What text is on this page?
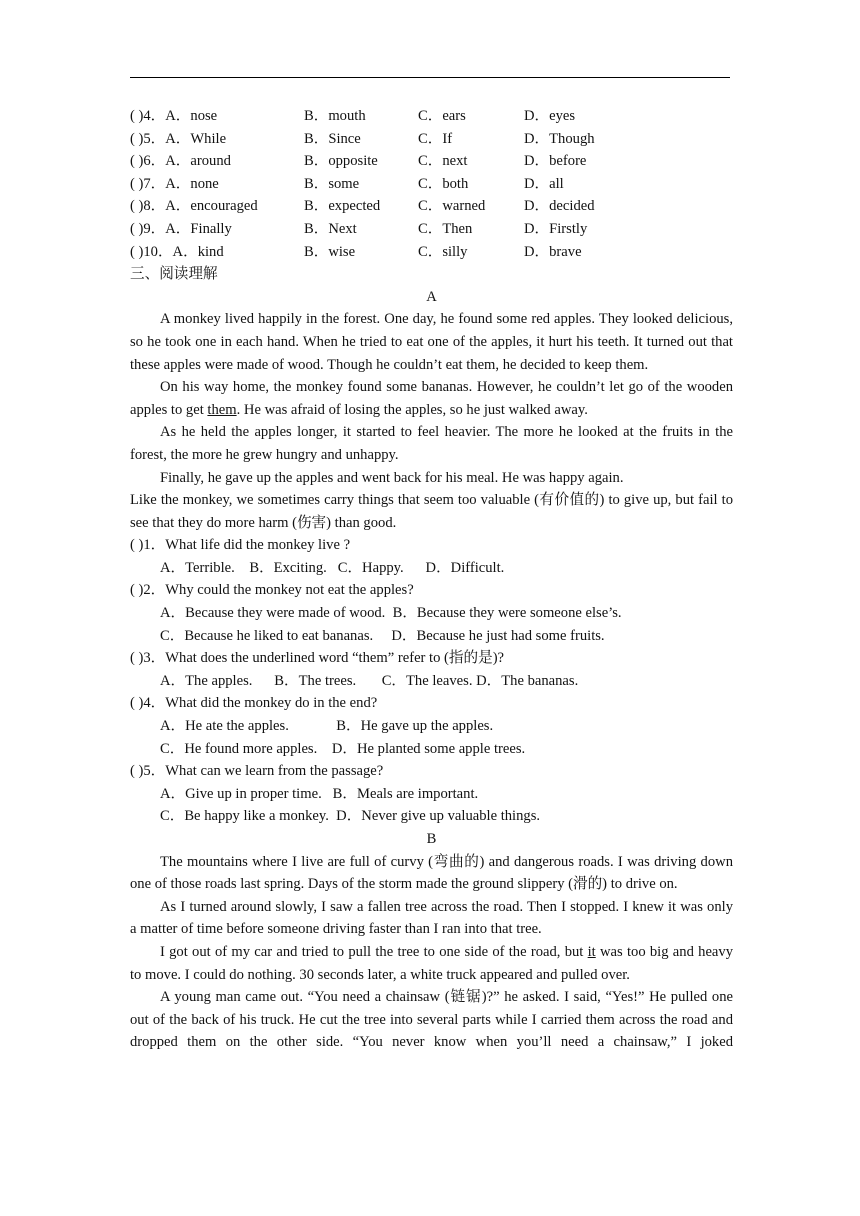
( )4．A．nose	B．mouth	C．ears	D．eyes
( )5．A．While	B．Since	C．If	D．Though
( )6．A．around	B．opposite	C．next	D．before
( )7．A．none	B．some	C．both	D．all
( )8．A．encouraged	B．expected	C．warned	D．decided
( )9．A．Finally	B．Next	C．Then	D．Firstly
( )10．A．kind	B．wise	C．silly	D．brave
三、阅读理解
A

A monkey lived happily in the forest. One day, he found some red apples. They looked delicious, so he took one in each hand. When he tried to eat one of the apples, it hurt his teeth. It turned out that these apples were made of wood. Though he couldn’t eat them, he decided to keep them.

On his way home, the monkey found some bananas. However, he couldn’t let go of the wooden apples to get them. He was afraid of losing the apples, so he just walked away.

As he held the apples longer, it started to feel heavier. The more he looked at the fruits in the forest, the more he grew hungry and unhappy.

Finally, he gave up the apples and went back for his meal. He was happy again.

Like the monkey, we sometimes carry things that seem too valuable (有价值的) to give up, but fail to see that they do more harm (伤害) than good.

( )1．What life did the monkey live ?
A．Terrible.    B．Exciting.   C．Happy.      D．Difficult.
( )2．Why could the monkey not eat the apples?
A．Because they were made of wood.  B．Because they were someone else’s.
C．Because he liked to eat bananas.     D．Because he just had some fruits.
( )3．What does the underlined word “them” refer to (指的是)?
A．The apples.      B．The trees.       C．The leaves. D．The bananas.
( )4．What did the monkey do in the end?
A．He ate the apples.             B．He gave up the apples.
C．He found more apples.    D．He planted some apple trees.
( )5．What can we learn from the passage?
A．Give up in proper time.   B．Meals are important.
C．Be happy like a monkey.  D．Never give up valuable things.
B

The mountains where I live are full of curvy (弯曲的) and dangerous roads. I was driving down one of those roads last spring. Days of the storm made the ground slippery (滑的) to drive on.

As I turned around slowly, I saw a fallen tree across the road. Then I stopped. I knew it was only a matter of time before someone driving faster than I ran into that tree.

I got out of my car and tried to pull the tree to one side of the road, but it was too big and heavy to move. I could do nothing. 30 seconds later, a white truck appeared and pulled over.

A young man came out. “You need a chainsaw (链锯)?” he asked. I said, “Yes!” He pulled one out of the back of his truck. He cut the tree into several parts while I carried them across the road and dropped them on the other side. “You never know when you’ll need a chainsaw,” I joked
